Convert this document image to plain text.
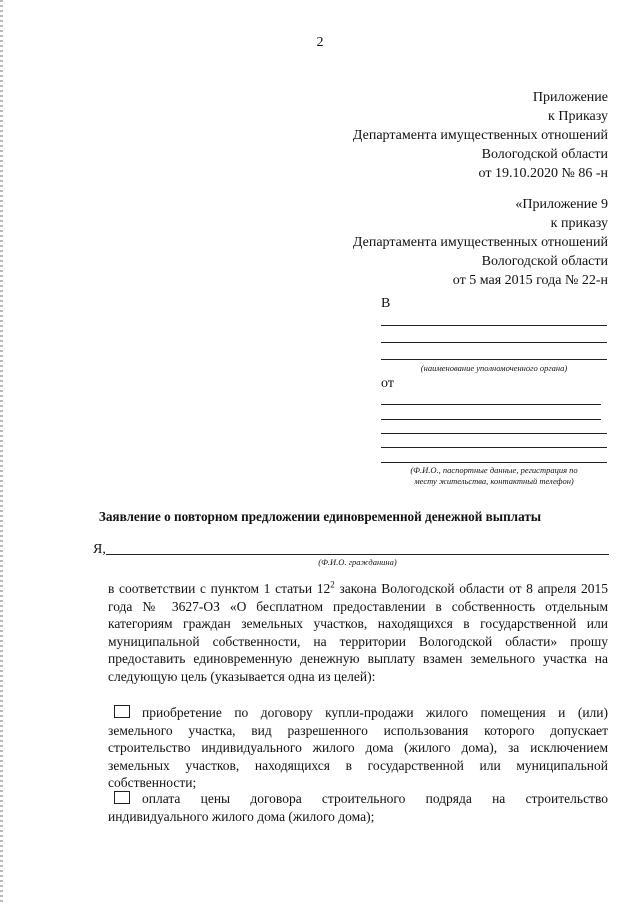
2
Приложение
к Приказу
Департамента имущественных отношений
Вологодской области
от 19.10.2020 № 86 -н
«Приложение 9
к приказу
Департамента имущественных отношений
Вологодской области
от 5 мая 2015 года № 22-н
В
(наименование уполномоченного органа)
от
(Ф.И.О., паспортные данные, регистрация по
месту жительства, контактный телефон)
Заявление о повторном предложении единовременной денежной выплаты
Я,
(Ф.И.О. гражданина)
в соответствии с пунктом 1 статьи $12^2$ закона Вологодской области от 8 апреля 2015 года № 3627-ОЗ «О бесплатном предоставлении в собственность отдельным категориям граждан земельных участков, находящихся в государственной или муниципальной собственности, на территории Вологодской области» прошу предоставить единовременную денежную выплату взамен земельного участка на следующую цель (указывается одна из целей):
приобретение по договору купли-продажи жилого помещения и (или) земельного участка, вид разрешенного использования которого допускает строительство индивидуального жилого дома (жилого дома), за исключением земельных участков, находящихся в государственной или муниципальной собственности;
оплата цены договора строительного подряда на строительство индивидуального жилого дома (жилого дома);
